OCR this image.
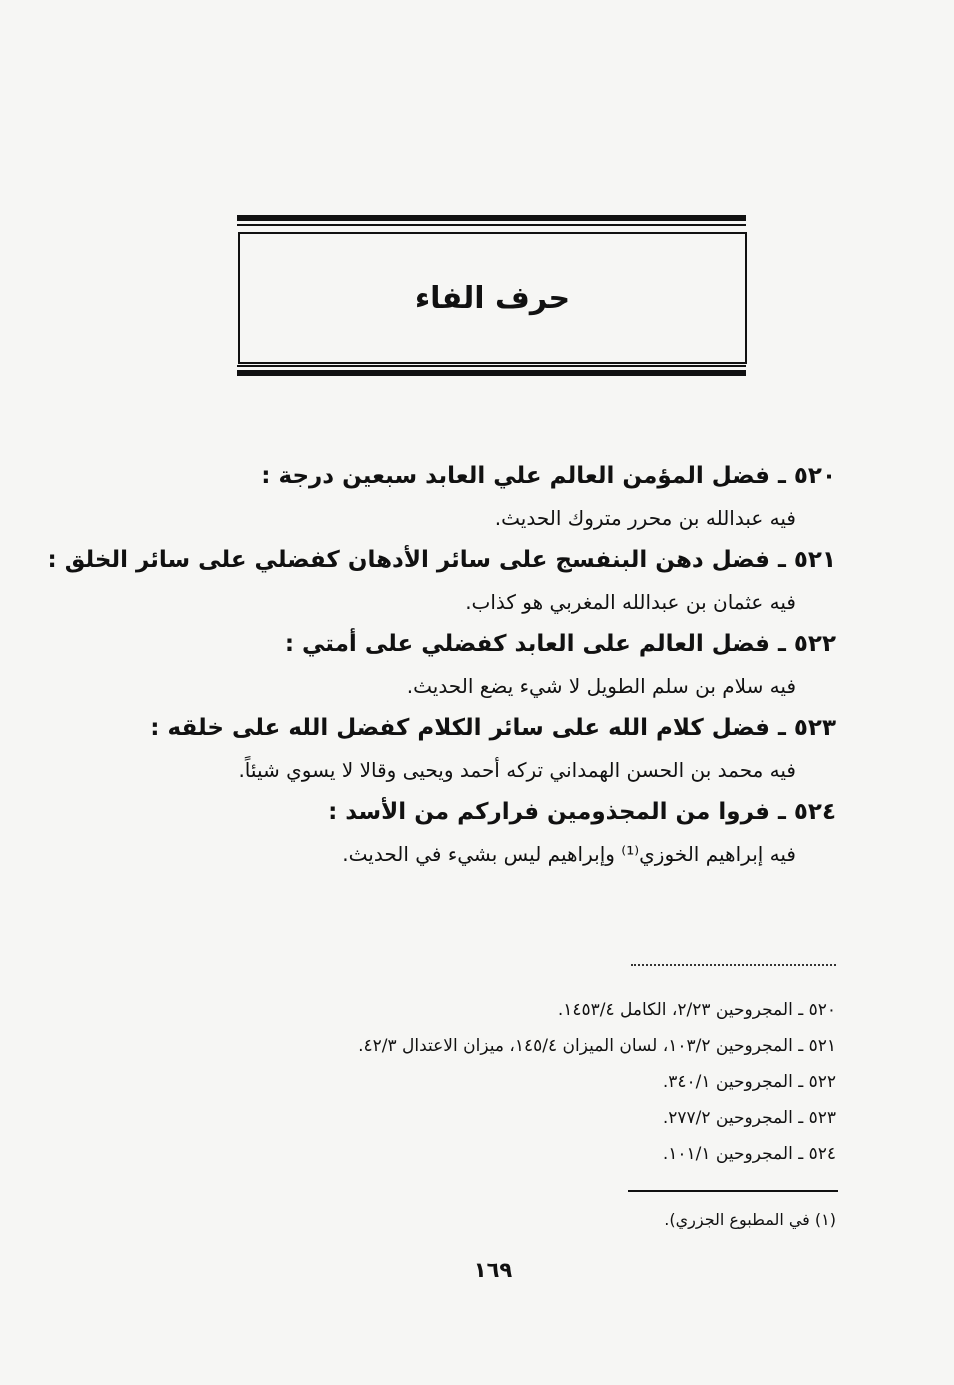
حرف الفاء
٥٢٠ ـ فضل المؤمن العالم علي العابد سبعين درجة :
فيه عبدالله بن محرر متروك الحديث.
٥٢١ ـ فضل دهن البنفسج على سائر الأدهان كفضلي على سائر الخلق :
فيه عثمان بن عبدالله المغربي هو كذاب.
٥٢٢ ـ فضل العالم على العابد كفضلي على أمتي :
فيه سلام بن سلم الطويل لا شيء يضع الحديث.
٥٢٣ ـ فضل كلام الله على سائر الكلام كفضل الله على خلقه :
فيه محمد بن الحسن الهمداني تركه أحمد ويحيى وقالا لا يسوي شيئاً.
٥٢٤ ـ فروا من المجذومين فراركم من الأسد :
فيه إبراهيم الخوزي⁽¹⁾ وإبراهيم ليس بشيء في الحديث.
٥٢٠ ـ المجروحين ٢/٢٣، الكامل ١٤٥٣/٤.
٥٢١ ـ المجروحين ١٠٣/٢، لسان الميزان ١٤٥/٤، ميزان الاعتدال ٤٢/٣.
٥٢٢ ـ المجروحين ٣٤٠/١.
٥٢٣ ـ المجروحين ٢٧٧/٢.
٥٢٤ ـ المجروحين ١٠١/١.
(١) في المطبوع الجزري).
١٦٩
